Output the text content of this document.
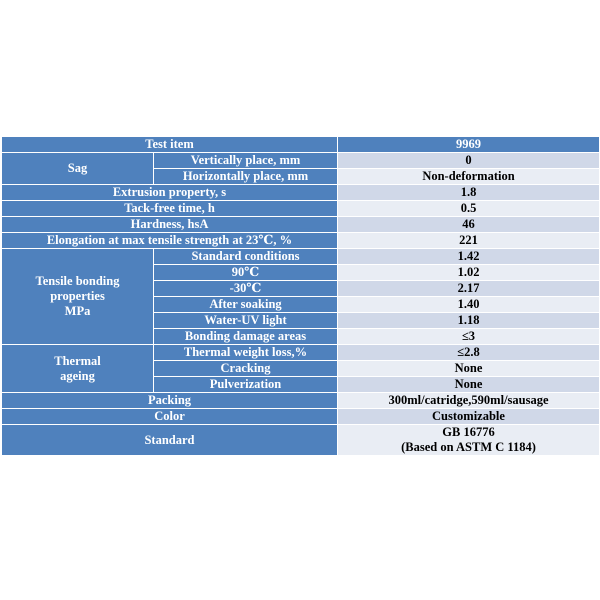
Test item		9969
Sag	Vertically place, mm	0
	Horizontally place, mm	Non-deformation
Extrusion property, s		1.8
Tack-free time, h		0.5
Hardness, hsA		46
Elongation at max tensile strength at 23℃, %		221

Tensile bonding
properties
MPa	Standard conditions	1.42
	90℃	1.02
	-30℃	2.17
	After soaking	1.40
	Water-UV light	1.18
	Bonding damage areas	≤3

Thermal
ageing	Thermal weight loss,%	≤2.8
	Cracking	None
	Pulverization	None
Packing		300ml/catridge,590ml/sausage
Color		Customizable
Standard		GB 16776
(Based on ASTM C 1184)
